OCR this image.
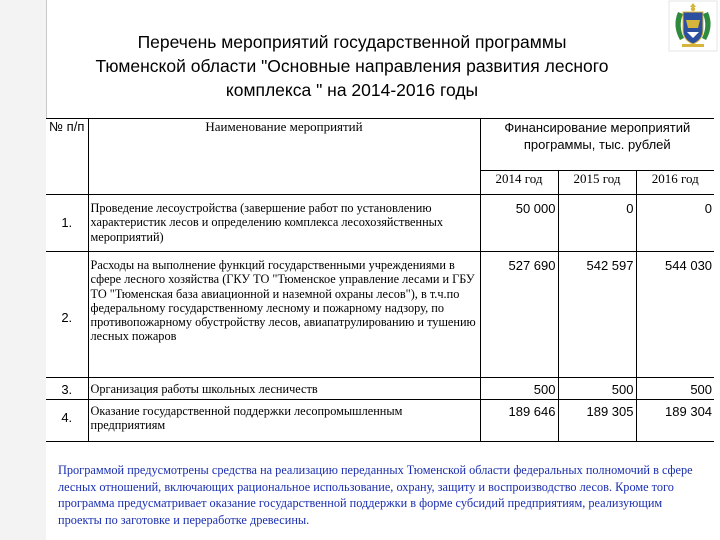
Перечень мероприятий государственной программы
Тюменской области "Основные направления развития лесного
комплекса " на 2014-2016 годы
№ п/п	Наименование мероприятий	Финансирование мероприятий программы, тыс. рублей		
		2014 год	2015 год	2016 год
1.	Проведение лесоустройства (завершение работ по установлению характеристик лесов и определению комплекса лесохозяйственных мероприятий)	50 000	0	0
2.	Расходы на выполнение функций государственными учреждениями в сфере лесного хозяйства (ГКУ ТО "Тюменское управление лесами и ГБУ ТО "Тюменская база авиационной и наземной охраны лесов"), в т.ч.по федеральному государственному лесному и пожарному надзору, по противопожарному обустройству лесов, авиапатрулированию и тушению лесных пожаров	527 690	542 597	544 030
3.	Организация работы школьных лесничеств	500	500	500
4.	Оказание государственной поддержки лесопромышленным предприятиям	189 646	189 305	189 304
Программой предусмотрены средства на реализацию переданных Тюменской области федеральных полномочий в сфере лесных отношений, включающих рациональное использование, охрану, защиту и воспроизводство лесов. Кроме того программа предусматривает оказание государственной поддержки в форме субсидий предприятиям, реализующим проекты по заготовке и переработке древесины.
